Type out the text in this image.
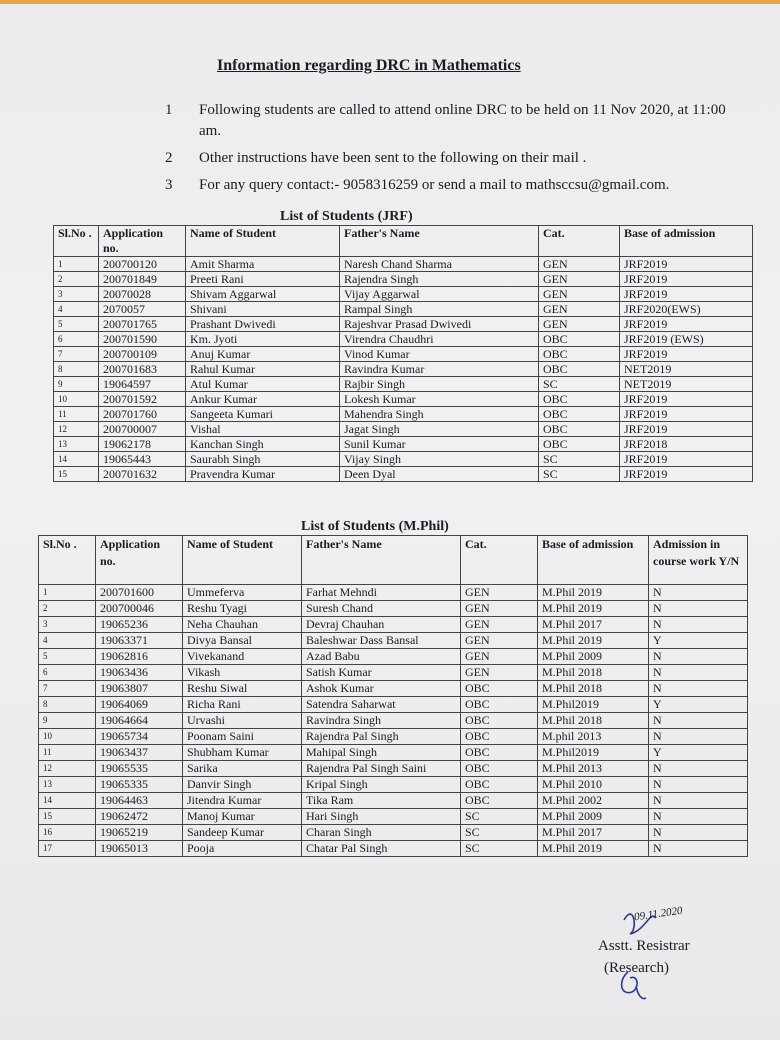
Information regarding DRC in Mathematics
1	Following students are called to attend online DRC to be held on 11 Nov 2020, at 11:00 am.
2	Other instructions have been sent to the following on their mail .
3	For any query contact:- 9058316259 or send a mail to mathsccsu@gmail.com.
List of Students (JRF)
Sl.No .	Application no.	Name of Student	Father's Name	Cat.	Base of admission
1	200700120	Amit Sharma	Naresh Chand Sharma	GEN	JRF2019
2	200701849	Preeti Rani	Rajendra Singh	GEN	JRF2019
3	20070028	Shivam Aggarwal	Vijay Aggarwal	GEN	JRF2019
4	2070057	Shivani	Rampal Singh	GEN	JRF2020(EWS)
5	200701765	Prashant Dwivedi	Rajeshvar Prasad Dwivedi	GEN	JRF2019
6	200701590	Km. Jyoti	Virendra Chaudhri	OBC	JRF2019 (EWS)
7	200700109	Anuj Kumar	Vinod Kumar	OBC	JRF2019
8	200701683	Rahul Kumar	Ravindra Kumar	OBC	NET2019
9	19064597	Atul Kumar	Rajbir Singh	SC	NET2019
10	200701592	Ankur Kumar	Lokesh Kumar	OBC	JRF2019
11	200701760	Sangeeta Kumari	Mahendra Singh	OBC	JRF2019
12	200700007	Vishal	Jagat Singh	OBC	JRF2019
13	19062178	Kanchan Singh	Sunil Kumar	OBC	JRF2018
14	19065443	Saurabh Singh	Vijay Singh	SC	JRF2019
15	200701632	Pravendra Kumar	Deen Dyal	SC	JRF2019
List of Students (M.Phil)
Sl.No .	Application no.	Name of Student	Father's Name	Cat.	Base of admission	Admission in course work Y/N
1	200701600	Ummeferva	Farhat Mehndi	GEN	M.Phil 2019	N
2	200700046	Reshu Tyagi	Suresh Chand	GEN	M.Phil 2019	N
3	19065236	Neha Chauhan	Devraj Chauhan	GEN	M.Phil 2017	N
4	19063371	Divya Bansal	Baleshwar Dass Bansal	GEN	M.Phil 2019	Y
5	19062816	Vivekanand	Azad Babu	GEN	M.Phil 2009	N
6	19063436	Vikash	Satish Kumar	GEN	M.Phil 2018	N
7	19063807	Reshu Siwal	Ashok Kumar	OBC	M.Phil 2018	N
8	19064069	Richa Rani	Satendra Saharwat	OBC	M.Phil2019	Y
9	19064664	Urvashi	Ravindra Singh	OBC	M.Phil 2018	N
10	19065734	Poonam Saini	Rajendra Pal Singh	OBC	M.phil 2013	N
11	19063437	Shubham Kumar	Mahipal Singh	OBC	M.Phil2019	Y
12	19065535	Sarika	Rajendra Pal Singh Saini	OBC	M.Phil 2013	N
13	19065335	Danvir Singh	Kripal Singh	OBC	M.Phil 2010	N
14	19064463	Jitendra Kumar	Tika Ram	OBC	M.Phil 2002	N
15	19062472	Manoj Kumar	Hari Singh	SC	M.Phil 2009	N
16	19065219	Sandeep Kumar	Charan Singh	SC	M.Phil 2017	N
17	19065013	Pooja	Chatar Pal Singh	SC	M.Phil 2019	N
09.11.2020
Asstt. Resistrar
(Research)
